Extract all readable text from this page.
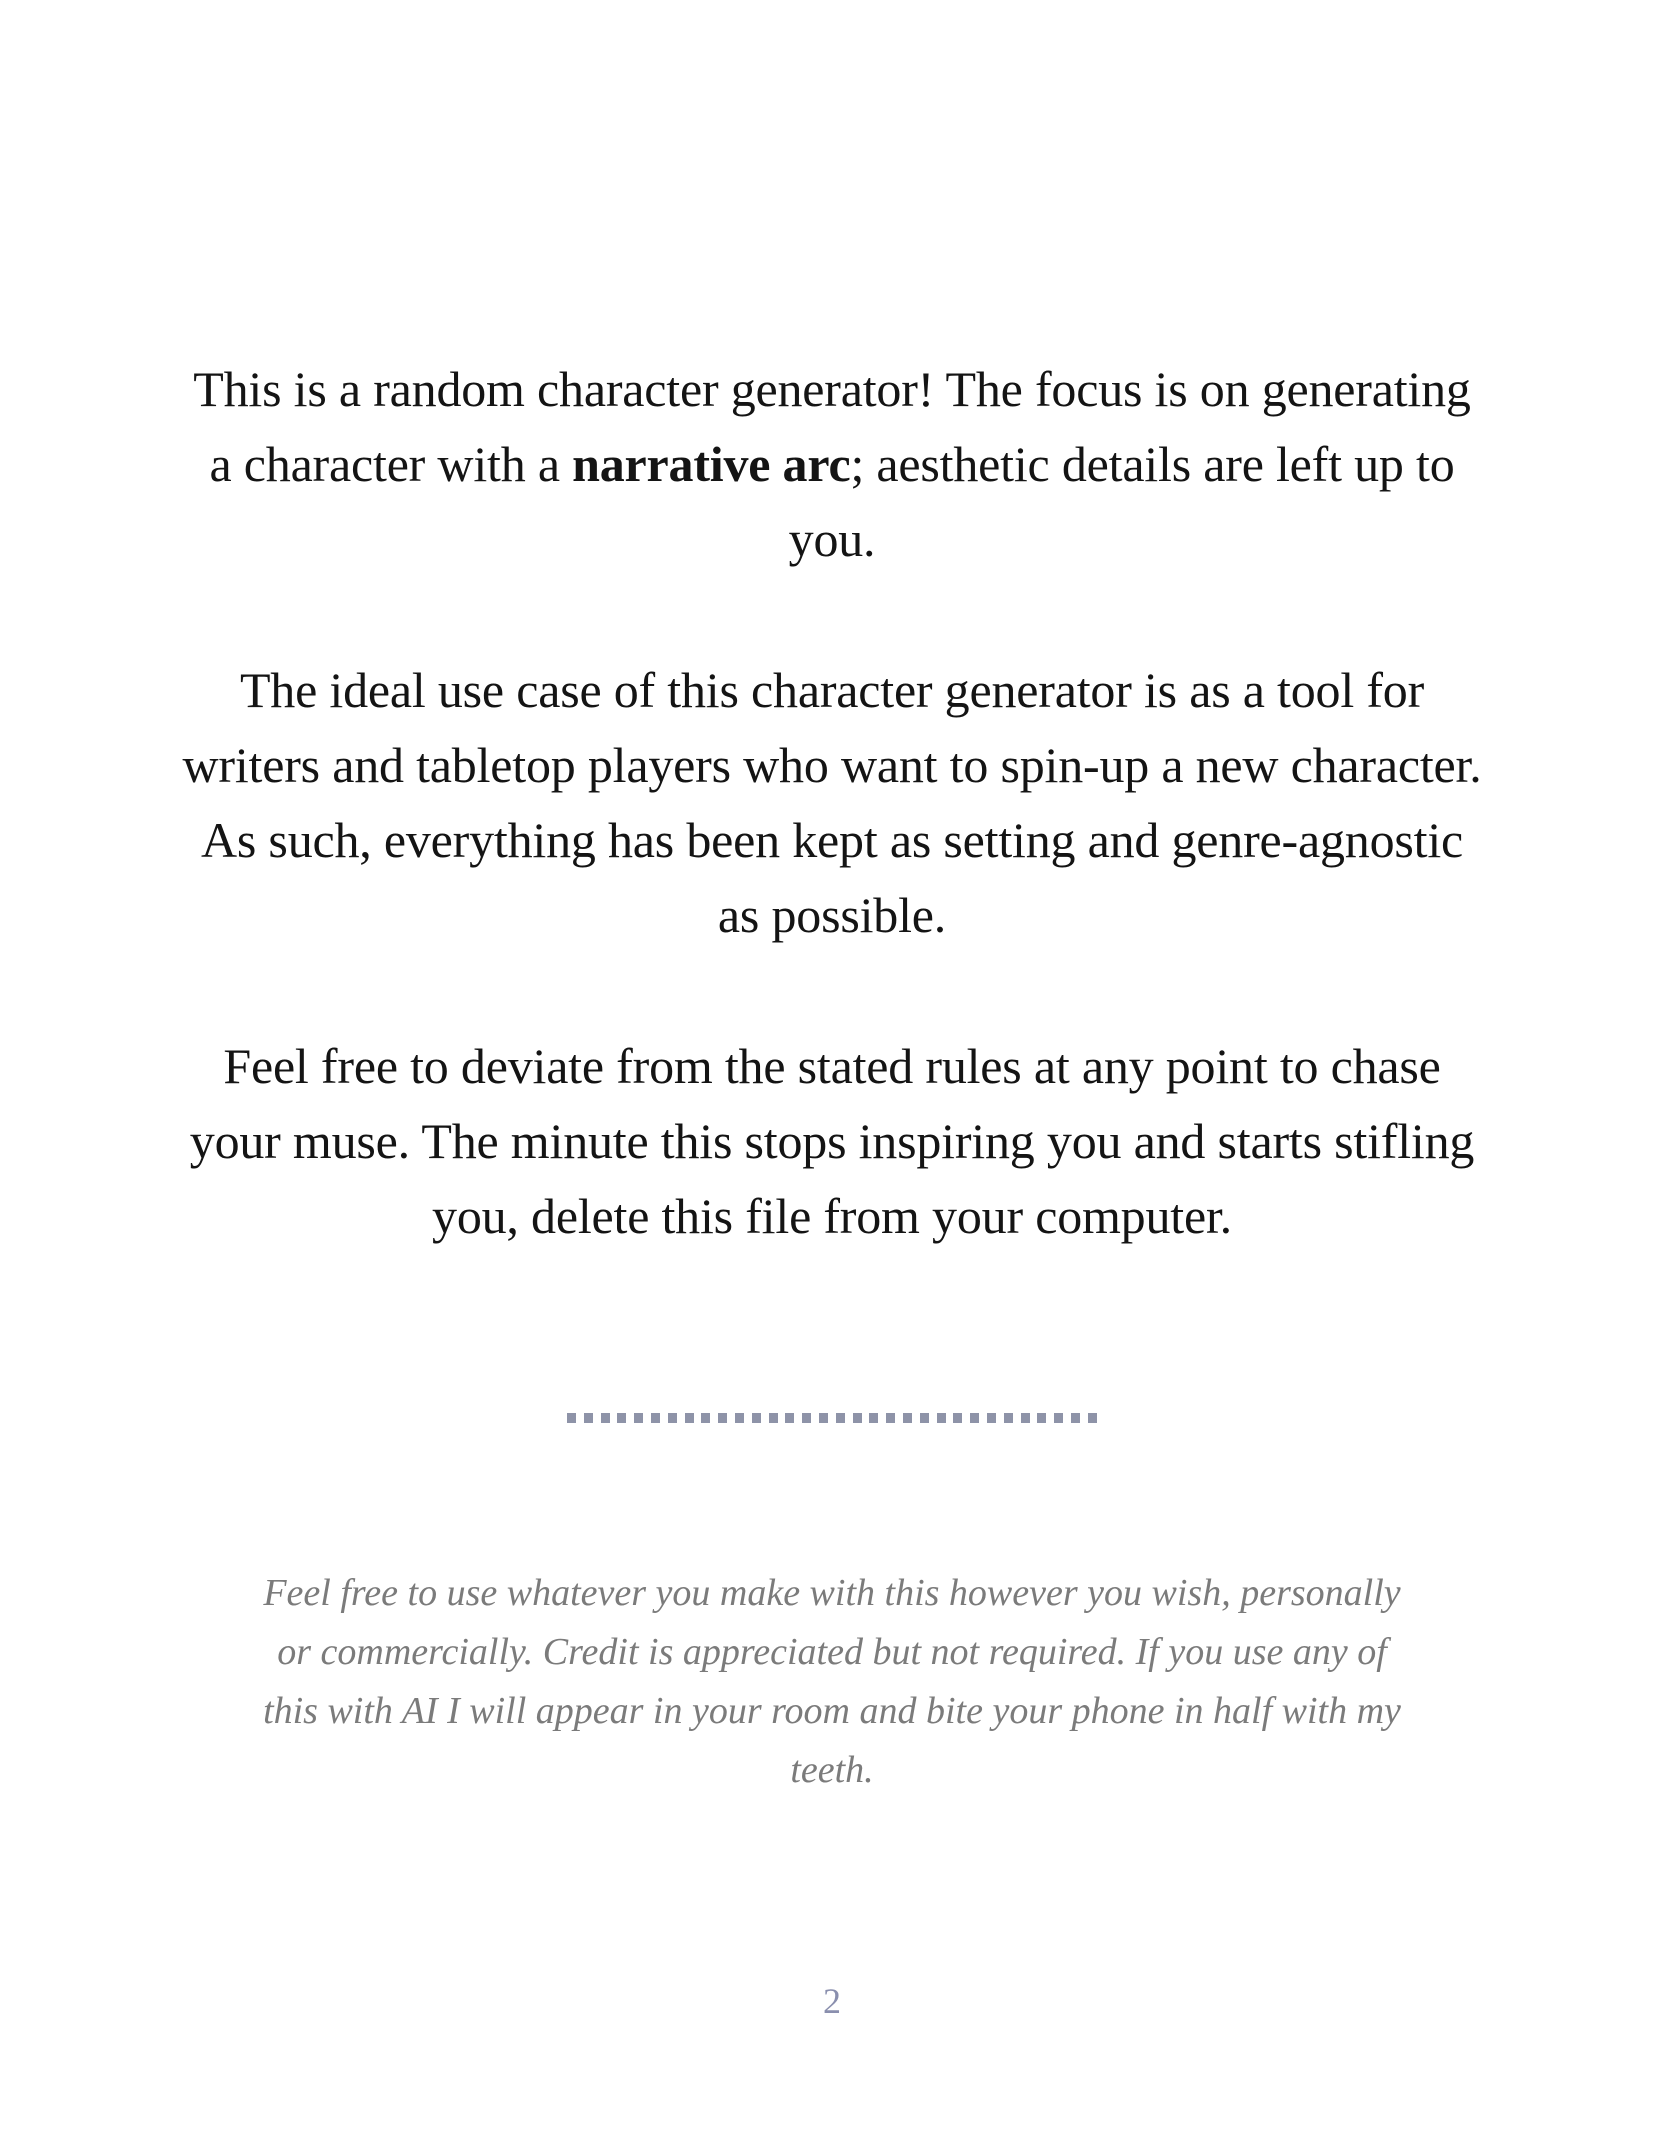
This is a random character generator! The focus is on generating a character with a narrative arc; aesthetic details are left up to you.

The ideal use case of this character generator is as a tool for writers and tabletop players who want to spin-up a new character. As such, everything has been kept as setting and genre-agnostic as possible.

Feel free to deviate from the stated rules at any point to chase your muse. The minute this stops inspiring you and starts stifling you, delete this file from your computer.

Feel free to use whatever you make with this however you wish, personally or commercially. Credit is appreciated but not required. If you use any of this with AI I will appear in your room and bite your phone in half with my teeth.

2
